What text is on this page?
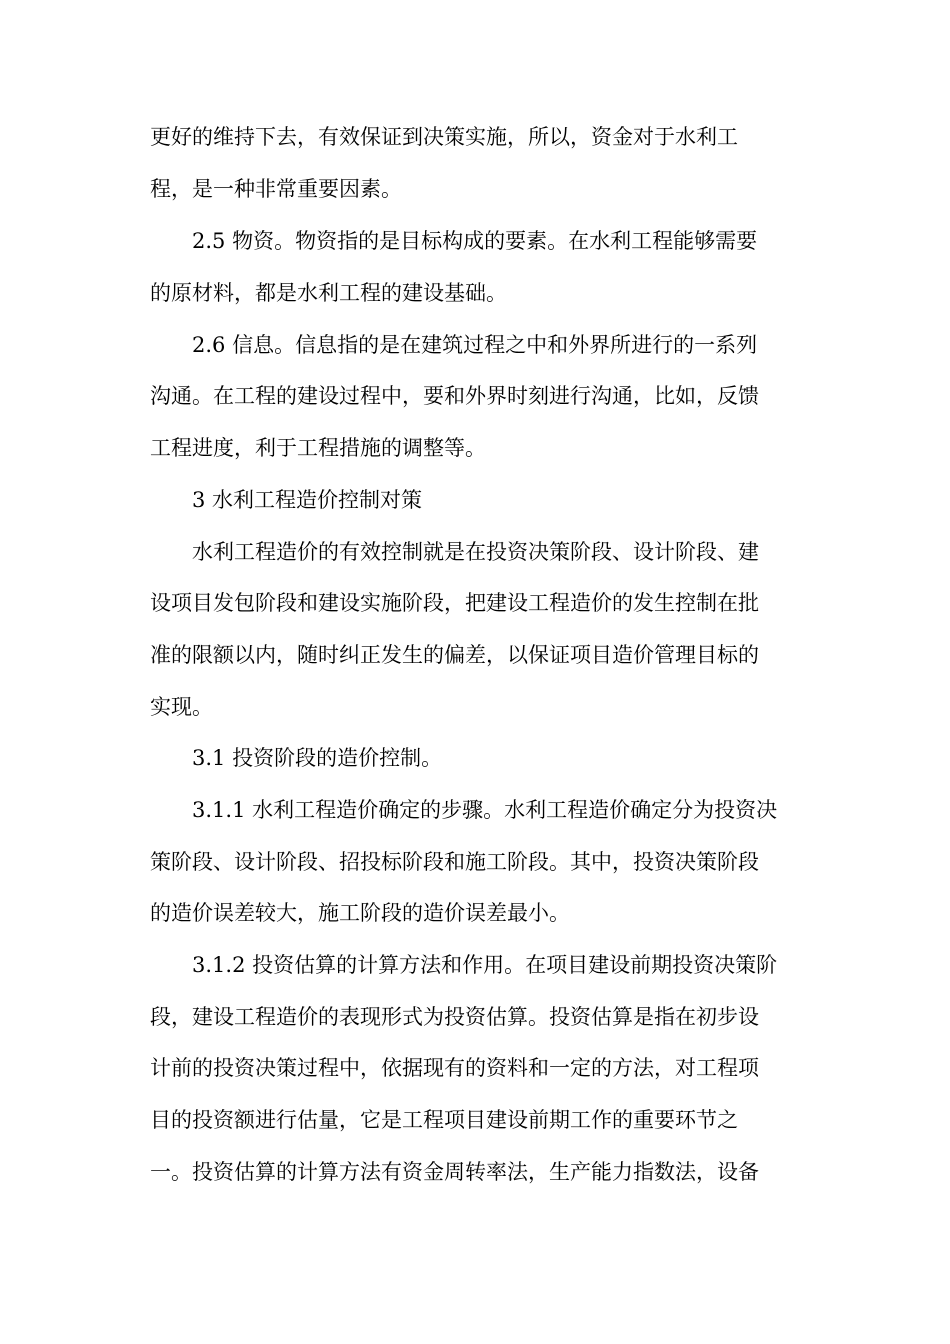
更好的维持下去，有效保证到决策实施，所以，资金对于水利工
程，是一种非常重要因素。
2.5 物资。物资指的是目标构成的要素。在水利工程能够需要
的原材料，都是水利工程的建设基础。
2.6 信息。信息指的是在建筑过程之中和外界所进行的一系列
沟通。在工程的建设过程中，要和外界时刻进行沟通，比如，反馈
工程进度，利于工程措施的调整等。
3 水利工程造价控制对策
水利工程造价的有效控制就是在投资决策阶段、设计阶段、建
设项目发包阶段和建设实施阶段，把建设工程造价的发生控制在批
准的限额以内，随时纠正发生的偏差，以保证项目造价管理目标的
实现。
3.1 投资阶段的造价控制。
3.1.1 水利工程造价确定的步骤。水利工程造价确定分为投资决
策阶段、设计阶段、招投标阶段和施工阶段。其中，投资决策阶段
的造价误差较大，施工阶段的造价误差最小。
3.1.2 投资估算的计算方法和作用。在项目建设前期投资决策阶
段，建设工程造价的表现形式为投资估算。投资估算是指在初步设
计前的投资决策过程中，依据现有的资料和一定的方法，对工程项
目的投资额进行估量，它是工程项目建设前期工作的重要环节之
一。投资估算的计算方法有资金周转率法，生产能力指数法，设备
